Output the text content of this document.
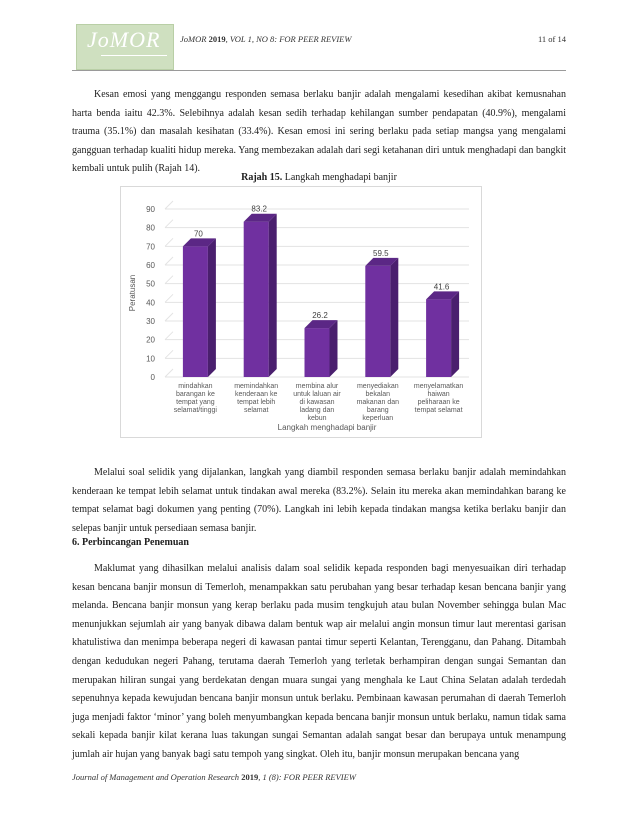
JoMOR JoMOR 2019, VOL 1, NO 8: FOR PEER REVIEW	11 of 14
Kesan emosi yang menggangu responden semasa berlaku banjir adalah mengalami kesedihan akibat kemusnahan harta benda iaitu 42.3%. Selebihnya adalah kesan sedih terhadap kehilangan sumber pendapatan (40.9%), mengalami trauma (35.1%) dan masalah kesihatan (33.4%). Kesan emosi ini sering berlaku pada setiap mangsa yang mengalami gangguan terhadap kualiti hidup mereka. Yang membezakan adalah dari segi ketahanan diri untuk menghadapi dan bangkit kembali untuk pulih (Rajah 14).
Rajah 15. Langkah menghadapi banjir
0
10
20
30
40
50
60
70
80
90
Peratusan
70
mindahkan
barangan ke
tempat yang
selamat/tinggi
83.2
memindahkan
kenderaan ke
tempat lebih
selamat
26.2
membina alur
untuk laluan air
di kawasan
ladang dan
kebun
59.5
menyediakan
bekalan
makanan dan
barang
keperluan
41.6
menyelamatkan
haiwan
peliharaan ke
tempat selamat
Langkah menghadapi banjir
Melalui soal selidik yang dijalankan, langkah yang diambil responden semasa berlaku banjir adalah memindahkan kenderaan ke tempat lebih selamat untuk tindakan awal mereka (83.2%). Selain itu mereka akan memindahkan barang ke tempat selamat bagi dokumen yang penting (70%). Langkah ini lebih kepada tindakan mangsa ketika berlaku banjir dan selepas banjir untuk persediaan semasa banjir.
6. Perbincangan Penemuan
Maklumat yang dihasilkan melalui analisis dalam soal selidik kepada responden bagi menyesuaikan diri terhadap kesan bencana banjir monsun di Temerloh, menampakkan satu perubahan yang besar terhadap kesan bencana banjir yang melanda. Bencana banjir monsun yang kerap berlaku pada musim tengkujuh atau bulan November sehingga bulan Mac menunjukkan sejumlah air yang banyak dibawa dalam bentuk wap air melalui angin monsun timur laut merentasi garisan khatulistiwa dan menimpa beberapa negeri di kawasan pantai timur seperti Kelantan, Terengganu, dan Pahang. Ditambah dengan kedudukan negeri Pahang, terutama daerah Temerloh yang terletak berhampiran dengan sungai Semantan dan merupakan hiliran sungai yang berdekatan dengan muara sungai yang menghala ke Laut China Selatan adalah terdedah sepenuhnya kepada kewujudan bencana banjir monsun untuk berlaku. Pembinaan kawasan perumahan di daerah Temerloh juga menjadi faktor ‘minor’ yang boleh menyumbangkan kepada bencana banjir monsun untuk berlaku, namun tidak sama sekali kepada banjir kilat kerana luas takungan sungai Semantan adalah sangat besar dan berupaya untuk menampung jumlah air hujan yang banyak bagi satu tempoh yang singkat. Oleh itu, banjir monsun merupakan bencana yang
Journal of Management and Operation Research 2019, 1 (8): FOR PEER REVIEW
